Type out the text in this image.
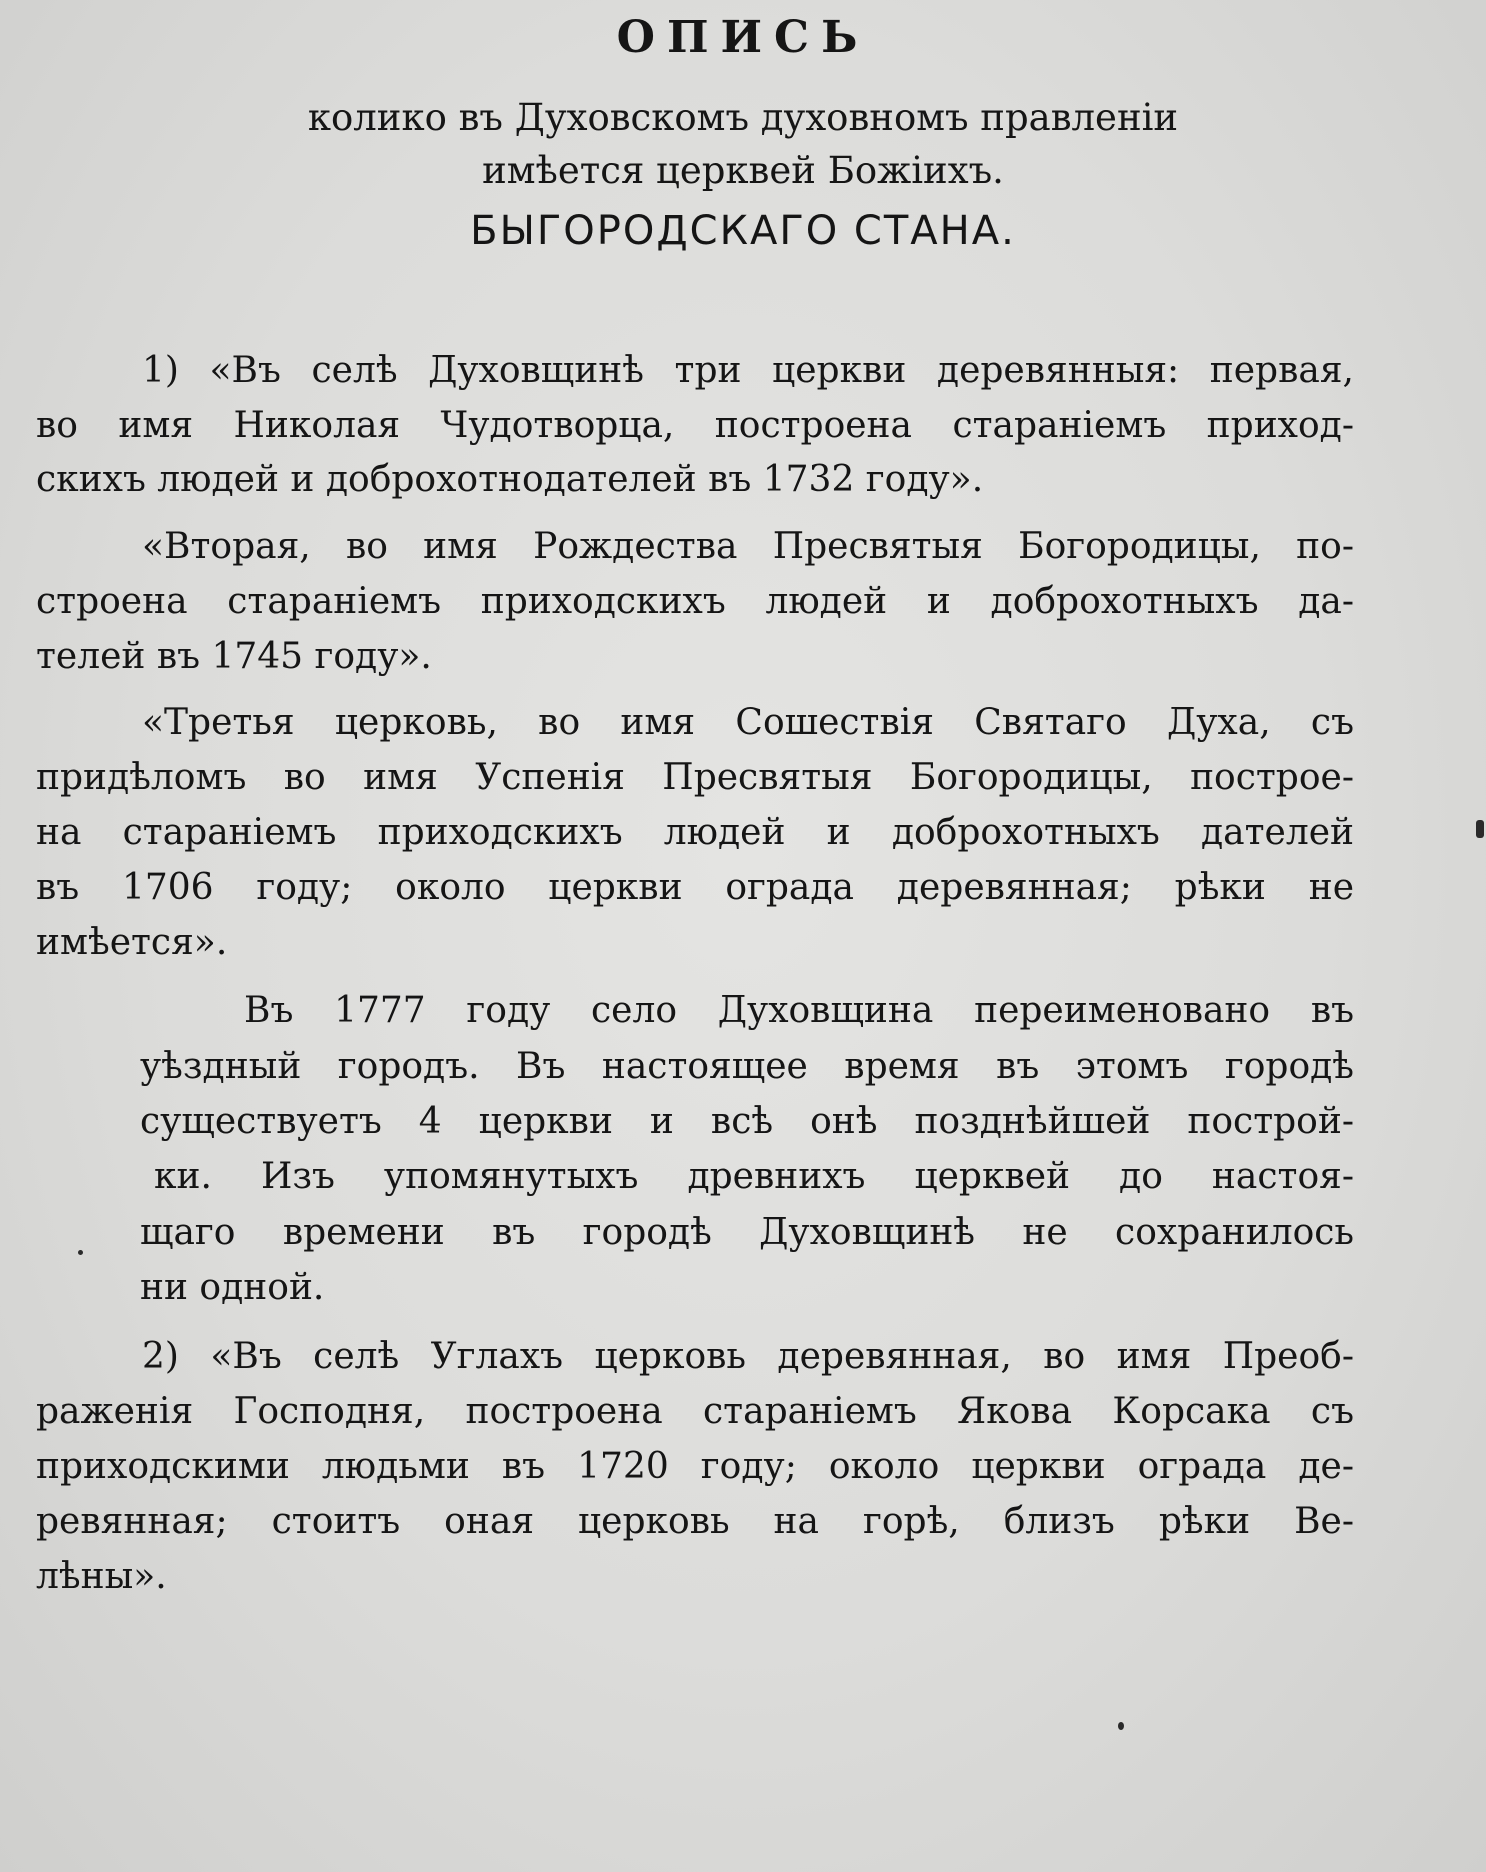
ОПИСЬ
колико въ Духовскомъ духовномъ правленіи
имѣется церквей Божіихъ.
БЫГОРОДСКАГО СТАНА.
1) «Въ селѣ Духовщинѣ три церкви деревянныя: первая,
во имя Николая Чудотворца, построена стараніемъ приход-
скихъ людей и доброхотнодателей въ 1732 году».
«Вторая, во имя Рождества Пресвятыя Богородицы, по-
строена стараніемъ приходскихъ людей и доброхотныхъ да-
телей въ 1745 году».
«Третья церковь, во имя Сошествія Святаго Духа, съ
придѣломъ во имя Успенія Пресвятыя Богородицы, построе-
на стараніемъ приходскихъ людей и доброхотныхъ дателей
въ 1706 году; около церкви ограда деревянная; рѣки не
имѣется».
Въ 1777 году село Духовщина переименовано въ
уѣздный городъ. Въ настоящее время въ этомъ городѣ
существуетъ 4 церкви и всѣ онѣ позднѣйшей построй-
ки. Изъ упомянутыхъ древнихъ церквей до настоя-
щаго времени въ городѣ Духовщинѣ не сохранилось
ни одной.
2) «Въ селѣ Углахъ церковь деревянная, во имя Преоб-
раженія Господня, построена стараніемъ Якова Корсака съ
приходскими людьми въ 1720 году; около церкви ограда де-
ревянная; стоитъ оная церковь на горѣ, близъ рѣки Ве-
лѣны».
